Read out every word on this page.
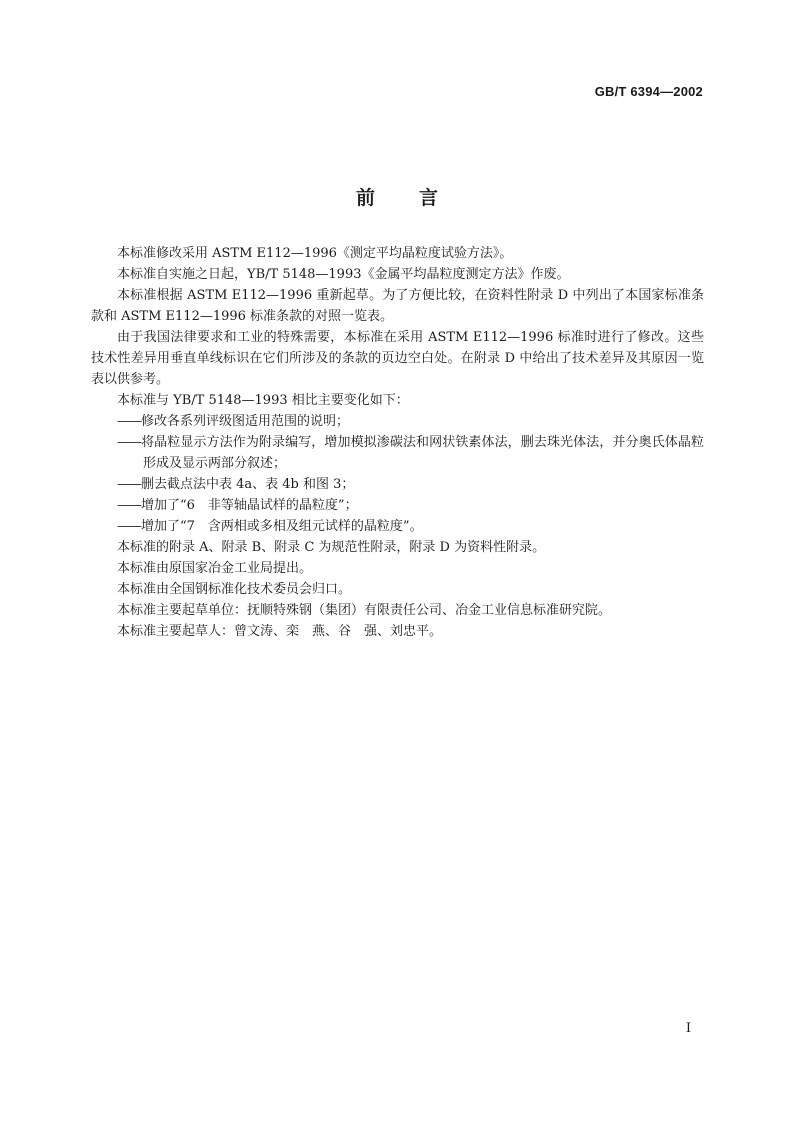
GB/T 6394—2002
前言

本标准修改采用 ASTM E112—1996《测定平均晶粒度试验方法》。

本标准自实施之日起，YB/T 5148—1993《金属平均晶粒度测定方法》作废。

本标准根据 ASTM E112—1996 重新起草。为了方便比较，在资料性附录 D 中列出了本国家标准条款和 ASTM E112—1996 标准条款的对照一览表。

由于我国法律要求和工业的特殊需要，本标准在采用 ASTM E112—1996 标准时进行了修改。这些技术性差异用垂直单线标识在它们所涉及的条款的页边空白处。在附录 D 中给出了技术差异及其原因一览表以供参考。

本标准与 YB/T 5148—1993 相比主要变化如下：

——修改各系列评级图适用范围的说明；

——将晶粒显示方法作为附录编写，增加模拟渗碳法和网状铁素体法，删去珠光体法，并分奥氏体晶粒形成及显示两部分叙述；

——删去截点法中表 4a、表 4b 和图 3；

——增加了“6　非等轴晶试样的晶粒度”；

——增加了“7　含两相或多相及组元试样的晶粒度”。

本标准的附录 A、附录 B、附录 C 为规范性附录，附录 D 为资料性附录。

本标准由原国家冶金工业局提出。

本标准由全国钢标准化技术委员会归口。

本标准主要起草单位：抚顺特殊钢（集团）有限责任公司、冶金工业信息标准研究院。

本标准主要起草人：曾文涛、栾　燕、谷　强、刘忠平。

I
